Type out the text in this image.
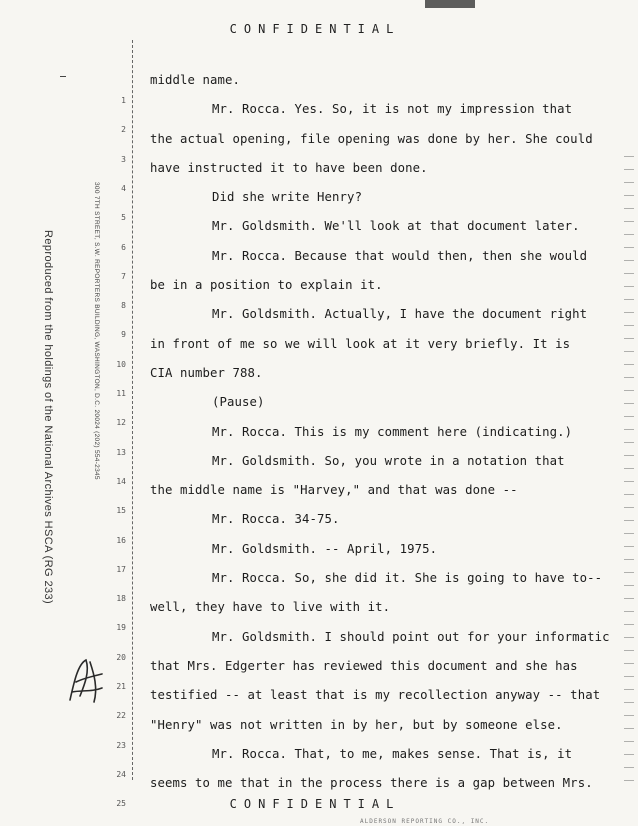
CONFIDENTIAL
Reproduced from the holdings of the National Archives HSCA (RG 233)	300 7TH STREET, S.W. REPORTERS BUILDING, WASHINGTON, D.C. 20024 (202) 554-2345
1
2
3
4
5
6
7
8
9
10
11
12
13
14
15
16
17
18
19
20
21
22
23
24
25

middle name.

Mr. Rocca. Yes. So, it is not my impression that

the actual opening, file opening was done by her. She could

have instructed it to have been done.

Did she write Henry?

Mr. Goldsmith. We'll look at that document later.

Mr. Rocca. Because that would then, then she would

be in a position to explain it.

Mr. Goldsmith. Actually, I have the document right

in front of me so we will look at it very briefly. It is

CIA number 788.

(Pause)

Mr. Rocca. This is my comment here (indicating.)

Mr. Goldsmith. So, you wrote in a notation that

the middle name is "Harvey," and that was done --

Mr. Rocca. 34-75.

Mr. Goldsmith. -- April, 1975.

Mr. Rocca. So, she did it. She is going to have to--

well, they have to live with it.

Mr. Goldsmith. I should point out for your informatic

that Mrs. Edgerter has reviewed this document and she has

testified -- at least that is my recollection anyway -- that

"Henry" was not written in by her, but by someone else.

Mr. Rocca. That, to me, makes sense. That is, it

seems to me that in the process there is a gap between Mrs.

CONFIDENTIAL
ALDERSON REPORTING CO., INC.
